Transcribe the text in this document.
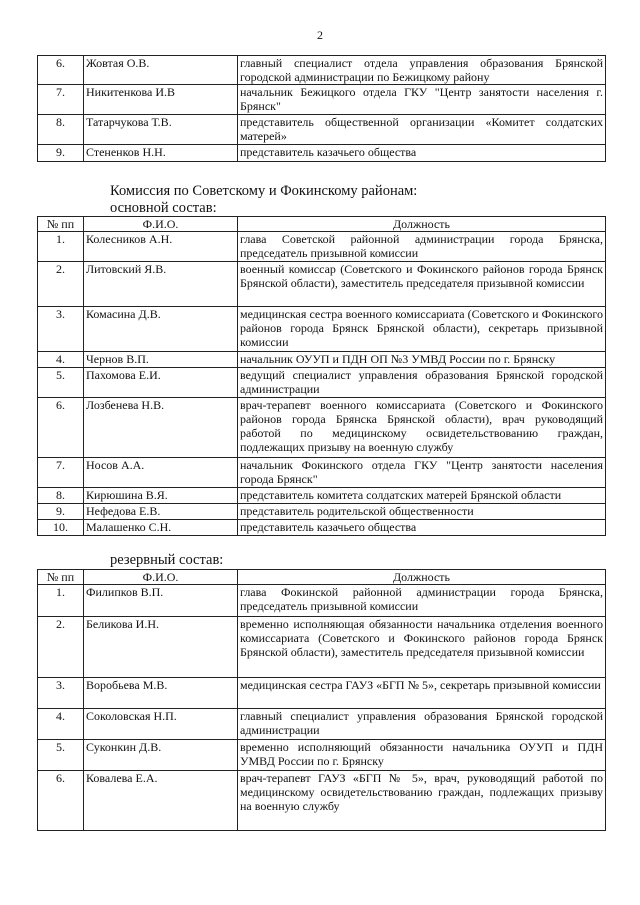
2
6.	Жовтая О.В.	главный специалист отдела управления образования Брянской городской администрации по Бежицкому району
7.	Никитенкова И.В	начальник Бежицкого отдела ГКУ "Центр занятости населения г. Брянск"
8.	Татарчукова Т.В.	представитель общественной организации «Комитет солдатских матерей»
9.	Стененков Н.Н.	представитель казачьего общества
Комиссия по Советскому и Фокинскому районам:
основной состав:
№ пп	Ф.И.О.	Должность
1.	Колесников А.Н.	глава Советской районной администрации города Брянска, председатель призывной комиссии
2.	Литовский Я.В.	военный комиссар (Советского и Фокинского районов города Брянск Брянской области), заместитель председателя призывной комиссии
3.	Комасина Д.В.	медицинская сестра военного комиссариата (Советского и Фокинского районов города Брянск Брянской области), секретарь призывной комиссии
4.	Чернов В.П.	начальник ОУУП и ПДН ОП №3 УМВД России по г. Брянску
5.	Пахомова Е.И.	ведущий специалист управления образования Брянской городской администрации
6.	Лозбенева Н.В.	врач-терапевт военного комиссариата (Советского и Фокинского районов города Брянска Брянской области), врач руководящий работой по медицинскому освидетельствованию граждан, подлежащих призыву на военную службу
7.	Носов А.А.	начальник Фокинского отдела ГКУ "Центр занятости населения города Брянск"
8.	Кирюшина В.Я.	представитель комитета солдатских матерей Брянской области
9.	Нефедова Е.В.	представитель родительской общественности
10.	Малашенко С.Н.	представитель казачьего общества
резервный состав:
№ пп	Ф.И.О.	Должность
1.	Филипков В.П.	глава Фокинской районной администрации города Брянска, председатель призывной комиссии
2.	Беликова И.Н.	временно исполняющая обязанности начальника отделения военного комиссариата (Советского и Фокинского районов города Брянск Брянской области), заместитель председателя призывной комиссии
3.	Воробьева М.В.	медицинская сестра ГАУЗ «БГП № 5», секретарь призывной комиссии
4.	Соколовская Н.П.	главный специалист управления образования Брянской городской администрации
5.	Суконкин Д.В.	временно исполняющий обязанности начальника ОУУП и ПДН УМВД России по г. Брянску
6.	Ковалева Е.А.	врач-терапевт ГАУЗ «БГП № 5», врач, руководящий работой по медицинскому освидетельствованию граждан, подлежащих призыву на военную службу
